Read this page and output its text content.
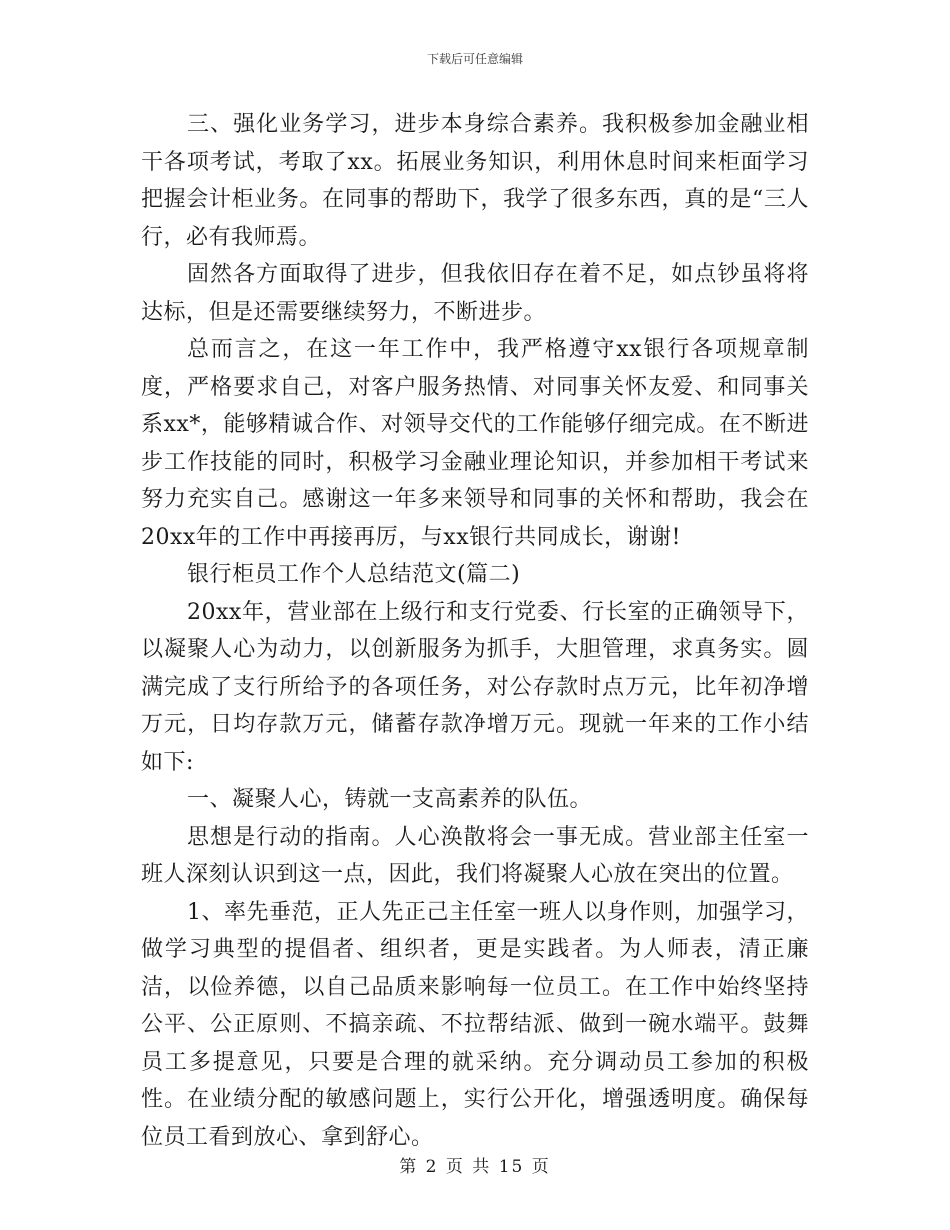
下载后可任意编辑

三、强化业务学习，进步本身综合素养。我积极参加金融业相干各项考试，考取了xx。拓展业务知识，利用休息时间来柜面学习把握会计柜业务。在同事的帮助下，我学了很多东西，真的是“三人行，必有我师焉。

固然各方面取得了进步，但我依旧存在着不足，如点钞虽将将达标，但是还需要继续努力，不断进步。

总而言之，在这一年工作中，我严格遵守xx银行各项规章制度，严格要求自己，对客户服务热情、对同事关怀友爱、和同事关系xx*，能够精诚合作、对领导交代的工作能够仔细完成。在不断进步工作技能的同时，积极学习金融业理论知识，并参加相干考试来努力充实自己。感谢这一年多来领导和同事的关怀和帮助，我会在20xx年的工作中再接再厉，与xx银行共同成长，谢谢!

银行柜员工作个人总结范文(篇二)

20xx年，营业部在上级行和支行党委、行长室的正确领导下，以凝聚人心为动力，以创新服务为抓手，大胆管理，求真务实。圆满完成了支行所给予的各项任务，对公存款时点万元，比年初净增万元，日均存款万元，储蓄存款净增万元。现就一年来的工作小结如下:

一、凝聚人心，铸就一支高素养的队伍。

思想是行动的指南。人心涣散将会一事无成。营业部主任室一班人深刻认识到这一点，因此，我们将凝聚人心放在突出的位置。

1、率先垂范，正人先正己主任室一班人以身作则，加强学习，做学习典型的提倡者、组织者，更是实践者。为人师表，清正廉洁，以俭养德，以自己品质来影响每一位员工。在工作中始终坚持公平、公正原则、不搞亲疏、不拉帮结派、做到一碗水端平。鼓舞员工多提意见，只要是合理的就采纳。充分调动员工参加的积极性。在业绩分配的敏感问题上，实行公开化，增强透明度。确保每位员工看到放心、拿到舒心。

第 2 页 共 15 页
